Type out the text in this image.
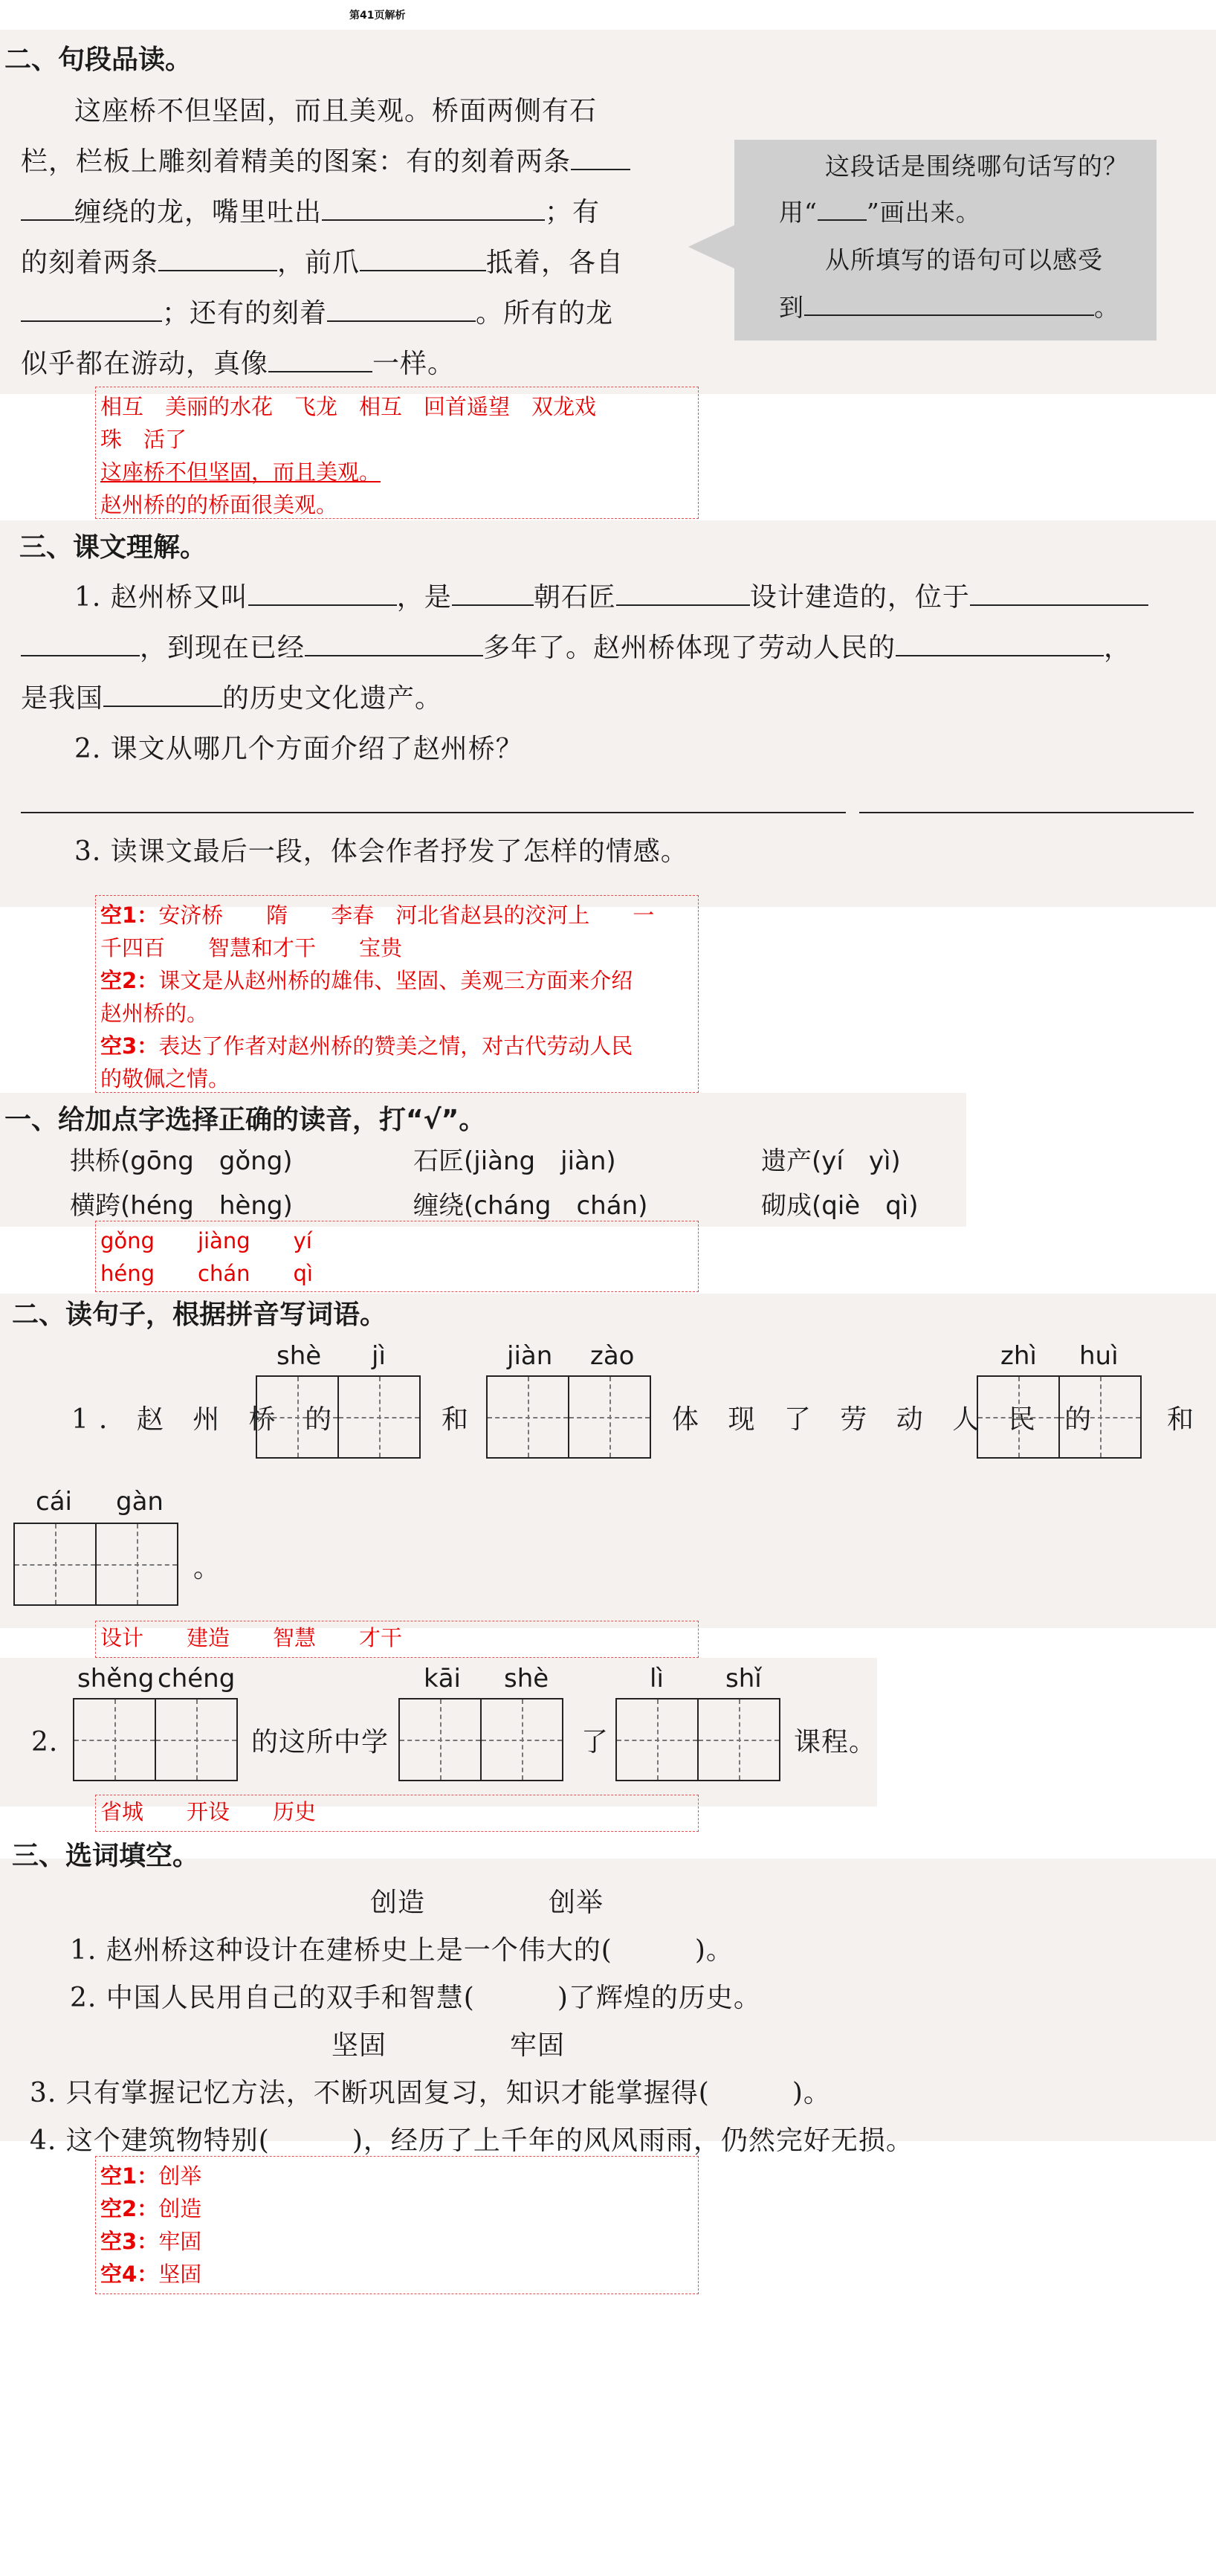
第41页解析
二、句段品读。
这座桥不但坚固，而且美观。桥面两侧有石
栏，栏板上雕刻着精美的图案：有的刻着两条
缠绕的龙，嘴里吐出	；有
的刻着两条	，前爪	抵着，各自
；还有的刻着	。所有的龙
似乎都在游动，真像	一样。
这段话是围绕哪句话写的？
用“ ”画出来。
从所填写的语句可以感受
到	。
相互　美丽的水花　飞龙　相互　回首遥望　双龙戏
珠　活了
这座桥不但坚固，而且美观。
赵州桥的的桥面很美观。
三、课文理解。
1. 赵州桥又叫	，是	朝石匠	设计建造的，位于
，到现在已经	多年了。赵州桥体现了劳动人民的	，
是我国	的历史文化遗产。
2. 课文从哪几个方面介绍了赵州桥？
3. 读课文最后一段，体会作者抒发了怎样的情感。
空1：安济桥　　隋　　李春　河北省赵县的洨河上　　一
千四百　　智慧和才干　　宝贵
空2：课文是从赵州桥的雄伟、坚固、美观三方面来介绍
赵州桥的。
空3：表达了作者对赵州桥的赞美之情，对古代劳动人民
的敬佩之情。
一、给加点字选择正确的读音，打“√”。
拱桥(gōng　gǒng)	石匠(jiàng　jiàn)	遗产(yí　yì)
横跨(héng　hèng)	缠绕(cháng　chán)	砌成(qiè　qì)
gǒng　　jiàng　　yí
héng　　chán　　qì
二、读句子，根据拼音写词语。
shè jì	jiàn zào	zhì huì
1. 赵 州 桥 的	和	体 现 了 劳 动 人 民 的 和
cái gàn
。
设计　　建造　　智慧　　才干
shěng chéng	kāi shè	lì shǐ
2.	的这所中学	了	课程。
省城　　开设　　历史
三、选词填空。
创造	创举
1. 赵州桥这种设计在建桥史上是一个伟大的(　　　)。
2. 中国人民用自己的双手和智慧(　　　)了辉煌的历史。
坚固	牢固
3. 只有掌握记忆方法，不断巩固复习，知识才能掌握得(　　　)。
4. 这个建筑物特别(　　　)，经历了上千年的风风雨雨，仍然完好无损。
空1：创举
空2：创造
空3：牢固
空4：坚固
